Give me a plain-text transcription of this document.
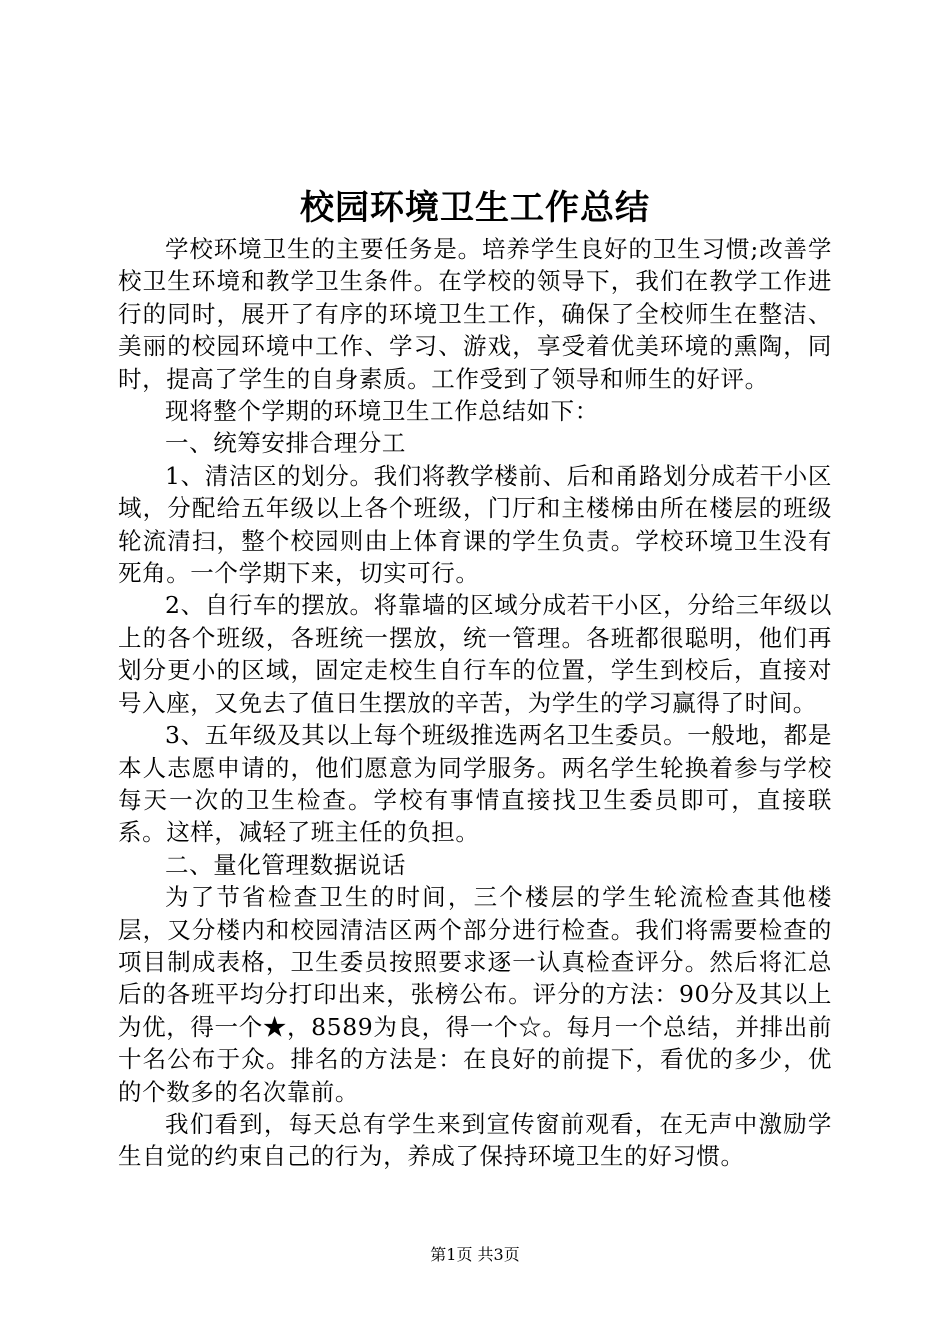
校园环境卫生工作总结

学校环境卫生的主要任务是。培养学生良好的卫生习惯;改善学校卫生环境和教学卫生条件。在学校的领导下，我们在教学工作进行的同时，展开了有序的环境卫生工作，确保了全校师生在整洁、美丽的校园环境中工作、学习、游戏，享受着优美环境的熏陶，同时，提高了学生的自身素质。工作受到了领导和师生的好评。

现将整个学期的环境卫生工作总结如下：

一、统筹安排合理分工

1、清洁区的划分。我们将教学楼前、后和甬路划分成若干小区域，分配给五年级以上各个班级，门厅和主楼梯由所在楼层的班级轮流清扫，整个校园则由上体育课的学生负责。学校环境卫生没有死角。一个学期下来，切实可行。

2、自行车的摆放。将靠墙的区域分成若干小区，分给三年级以上的各个班级，各班统一摆放，统一管理。各班都很聪明，他们再划分更小的区域，固定走校生自行车的位置，学生到校后，直接对号入座，又免去了值日生摆放的辛苦，为学生的学习赢得了时间。

3、五年级及其以上每个班级推选两名卫生委员。一般地，都是本人志愿申请的，他们愿意为同学服务。两名学生轮换着参与学校每天一次的卫生检查。学校有事情直接找卫生委员即可，直接联系。这样，减轻了班主任的负担。

二、量化管理数据说话

为了节省检查卫生的时间，三个楼层的学生轮流检查其他楼层，又分楼内和校园清洁区两个部分进行检查。我们将需要检查的项目制成表格，卫生委员按照要求逐一认真检查评分。然后将汇总后的各班平均分打印出来，张榜公布。评分的方法：90分及其以上为优，得一个★，8589为良，得一个☆。每月一个总结，并排出前十名公布于众。排名的方法是：在良好的前提下，看优的多少，优的个数多的名次靠前。

我们看到，每天总有学生来到宣传窗前观看，在无声中激励学生自觉的约束自己的行为，养成了保持环境卫生的好习惯。

第1页 共3页
